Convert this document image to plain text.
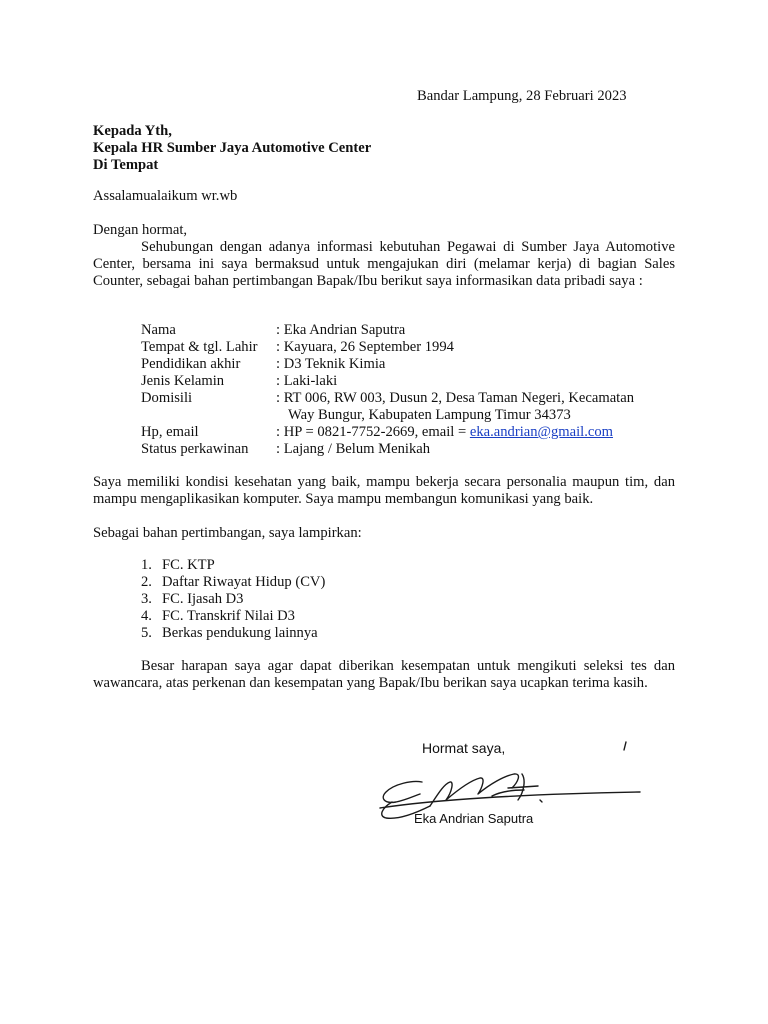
Bandar Lampung, 28 Februari 2023
Kepada Yth,
Kepala HR Sumber Jaya Automotive Center
Di Tempat
Assalamualaikum wr.wb
Dengan hormat,
Sehubungan dengan adanya informasi kebutuhan Pegawai di Sumber Jaya Automotive Center, bersama ini saya bermaksud untuk mengajukan diri (melamar kerja) di bagian Sales Counter, sebagai bahan pertimbangan Bapak/Ibu berikut saya informasikan data pribadi saya :
Nama	: Eka Andrian Saputra
Tempat & tgl. Lahir : Kayuara, 26 September 1994
Pendidikan akhir : D3 Teknik Kimia
Jenis Kelamin	: Laki-laki
Domisili	: RT 006, RW 003, Dusun 2, Desa Taman Negeri, Kecamatan
Way Bungur, Kabupaten Lampung Timur 34373
Hp, email	: HP = 0821-7752-2669, email = eka.andrian@gmail.com
Status perkawinan : Lajang / Belum Menikah
Saya memiliki kondisi kesehatan yang baik, mampu bekerja secara personalia maupun tim, dan mampu mengaplikasikan komputer. Saya mampu membangun komunikasi yang baik.
Sebagai bahan pertimbangan, saya lampirkan:
1. FC. KTP
2. Daftar Riwayat Hidup (CV)
3. FC. Ijasah D3
4. FC. Transkrif Nilai D3
5. Berkas pendukung lainnya
Besar harapan saya agar dapat diberikan kesempatan untuk mengikuti seleksi tes dan wawancara, atas perkenan dan kesempatan yang Bapak/Ibu berikan saya ucapkan terima kasih.
Hormat saya,
Eka Andrian Saputra
